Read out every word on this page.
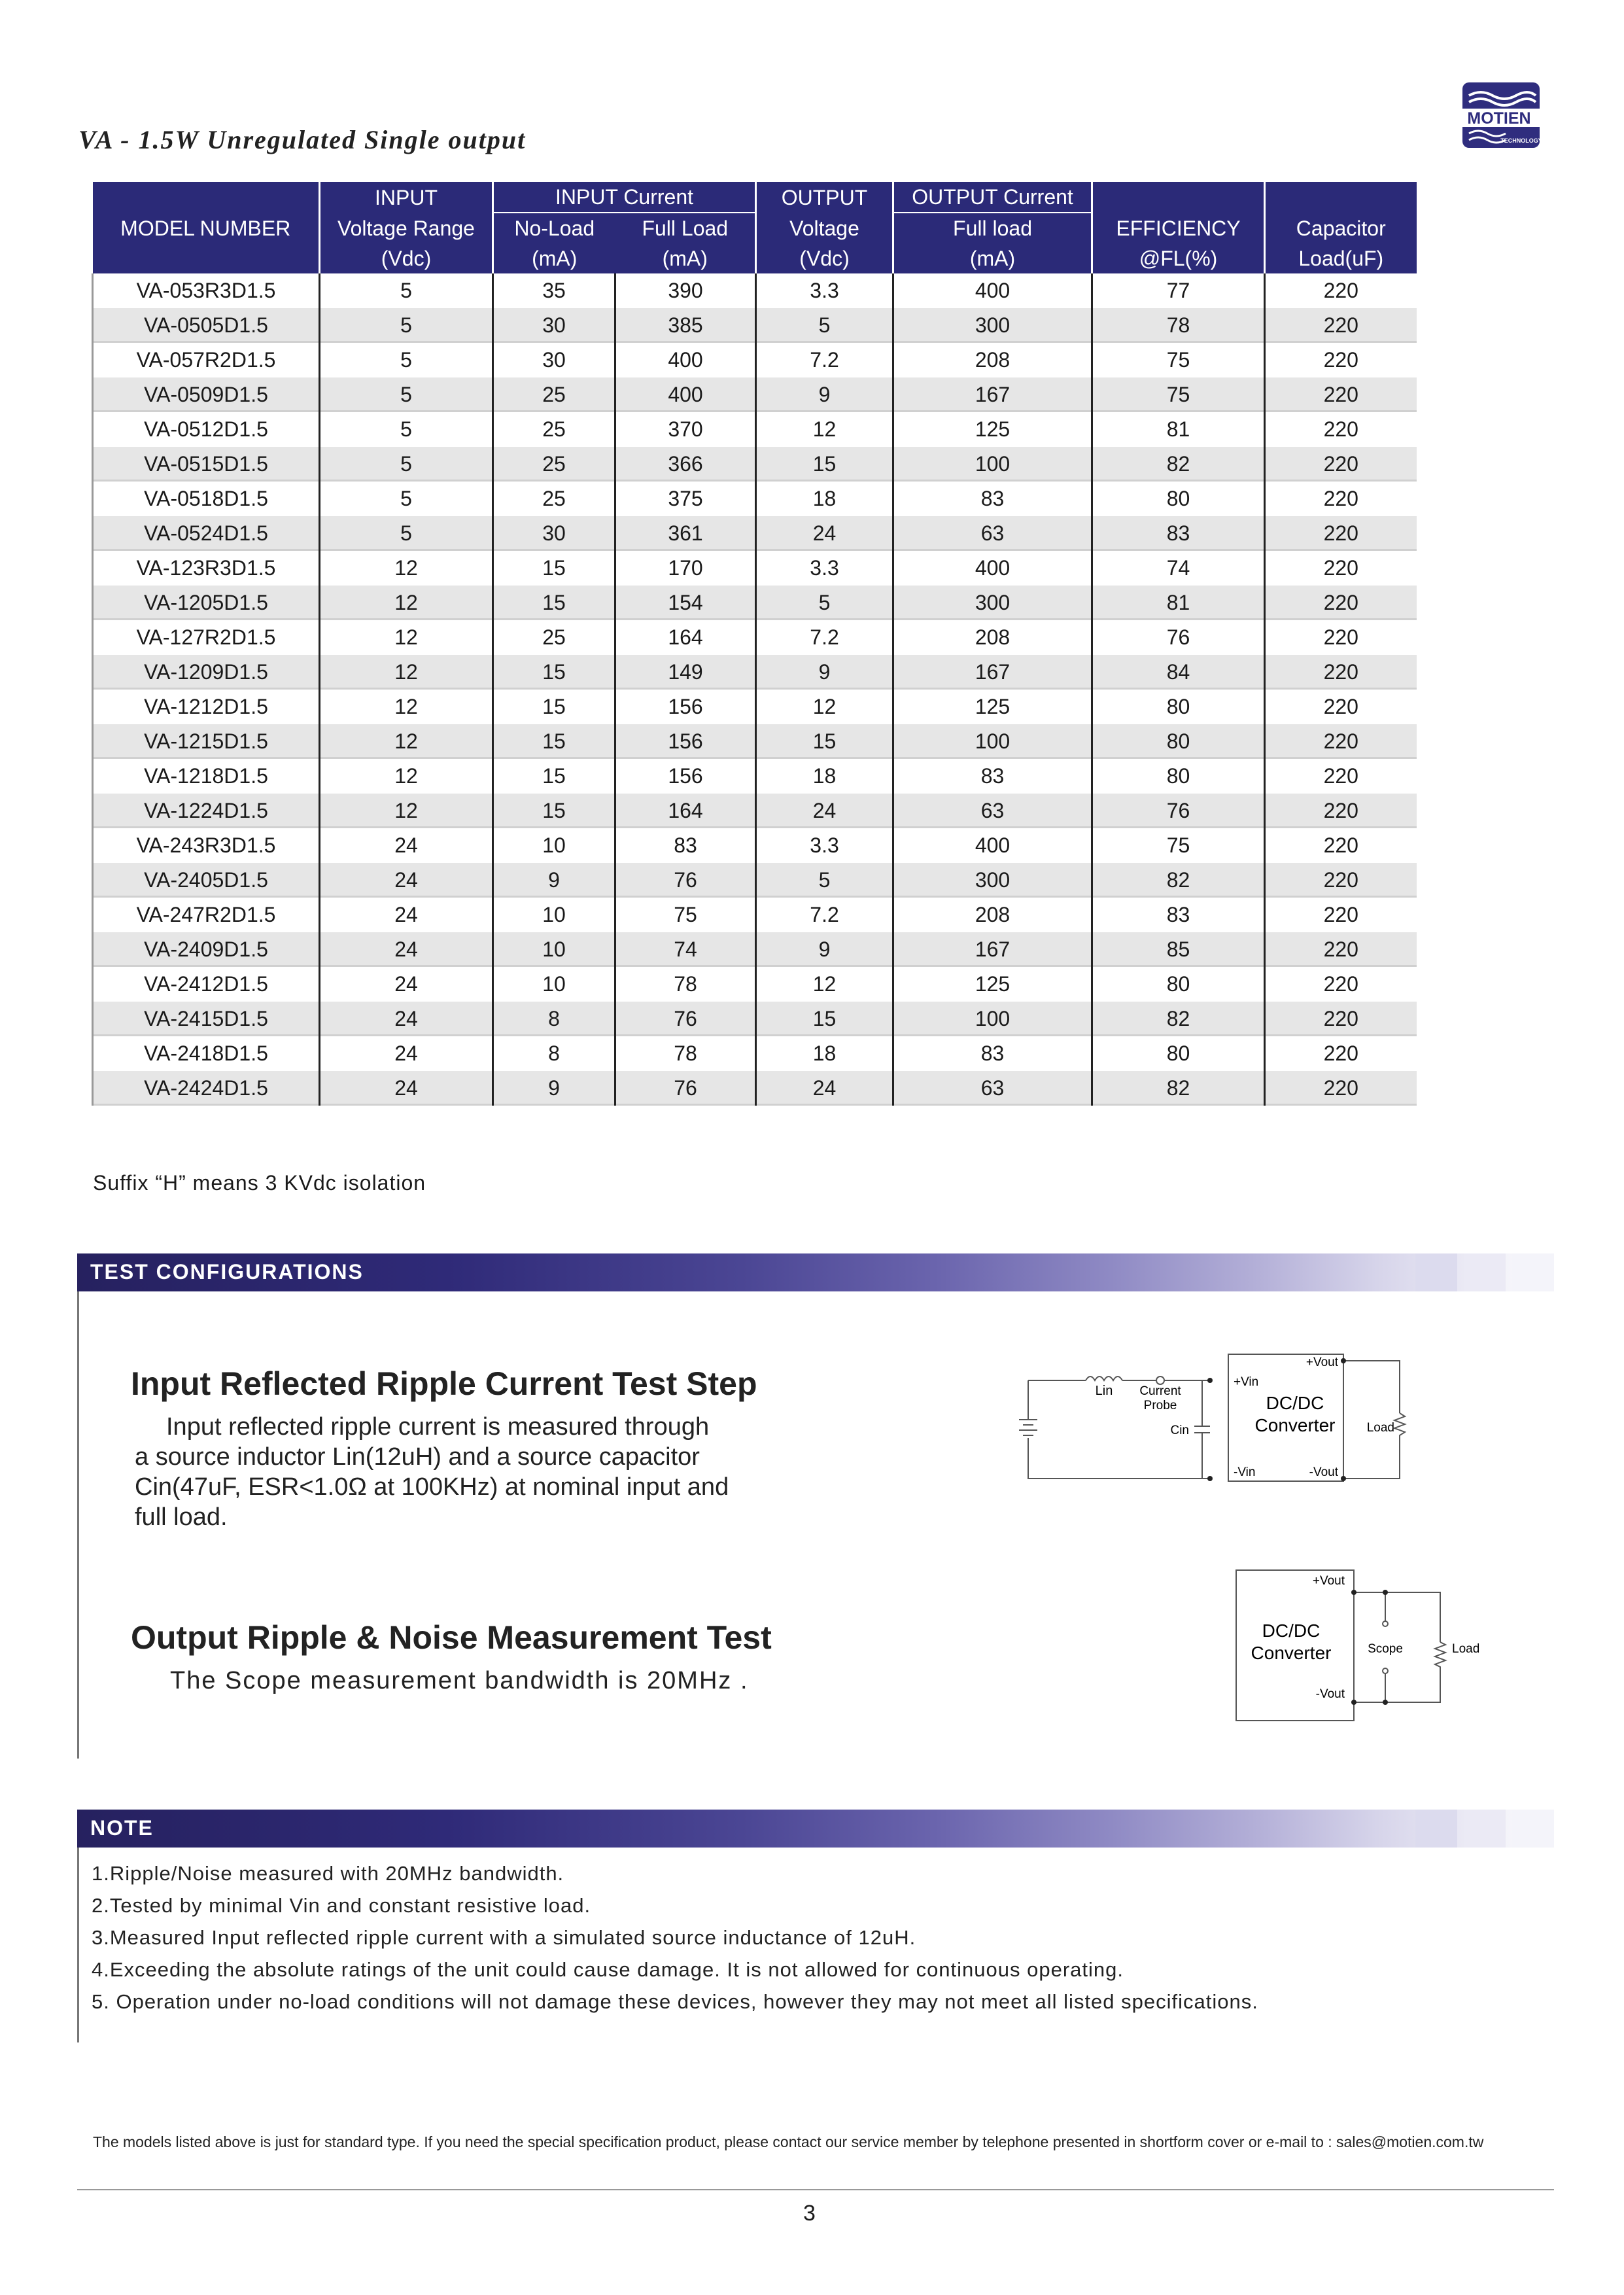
VA - 1.5W Unregulated Single output
MOTIEN
TECHNOLOGY
	INPUT	INPUT Current		OUTPUT	OUTPUT Current		
MODEL NUMBER	Voltage Range	No-Load	Full Load	Voltage	Full load	EFFICIENCY	Capacitor
	(Vdc)	(mA)	(mA)	(Vdc)	(mA)	@FL(%)	Load(uF)
VA-053R3D1.5	5	35	390	3.3	400	77	220
VA-0505D1.5	5	30	385	5	300	78	220
VA-057R2D1.5	5	30	400	7.2	208	75	220
VA-0509D1.5	5	25	400	9	167	75	220
VA-0512D1.5	5	25	370	12	125	81	220
VA-0515D1.5	5	25	366	15	100	82	220
VA-0518D1.5	5	25	375	18	83	80	220
VA-0524D1.5	5	30	361	24	63	83	220
VA-123R3D1.5	12	15	170	3.3	400	74	220
VA-1205D1.5	12	15	154	5	300	81	220
VA-127R2D1.5	12	25	164	7.2	208	76	220
VA-1209D1.5	12	15	149	9	167	84	220
VA-1212D1.5	12	15	156	12	125	80	220
VA-1215D1.5	12	15	156	15	100	80	220
VA-1218D1.5	12	15	156	18	83	80	220
VA-1224D1.5	12	15	164	24	63	76	220
VA-243R3D1.5	24	10	83	3.3	400	75	220
VA-2405D1.5	24	9	76	5	300	82	220
VA-247R2D1.5	24	10	75	7.2	208	83	220
VA-2409D1.5	24	10	74	9	167	85	220
VA-2412D1.5	24	10	78	12	125	80	220
VA-2415D1.5	24	8	76	15	100	82	220
VA-2418D1.5	24	8	78	18	83	80	220
VA-2424D1.5	24	9	76	24	63	82	220
Suffix “H” means 3 KVdc isolation
TEST CONFIGURATIONS
Input Reflected Ripple Current Test Step
Input reflected ripple current is measured through
a source inductor Lin(12uH) and a source capacitor
Cin(47uF, ESR<1.0Ω at 100KHz) at nominal input and
full load.
Output Ripple & Noise Measurement Test
The Scope measurement bandwidth is 20MHz .
Lin Current
Probe
Cin
+Vin
-Vin
+Vout
-Vout
DC/DC
Converter	Load
+Vout
-Vout
DC/DC
Converter	Scope	Load
NOTE
1.Ripple/Noise measured with 20MHz bandwidth.
2.Tested by minimal Vin and constant resistive load.
3.Measured Input reflected ripple current with a simulated source inductance of 12uH.
4.Exceeding the absolute ratings of the unit could cause damage. It is not allowed for continuous operating.
5. Operation under no-load conditions will not damage these devices, however they may not meet all listed specifications.
The models listed above is just for standard type. If you need the special specification product, please contact our service member by telephone presented in shortform cover or e-mail to : sales@motien.com.tw
3
